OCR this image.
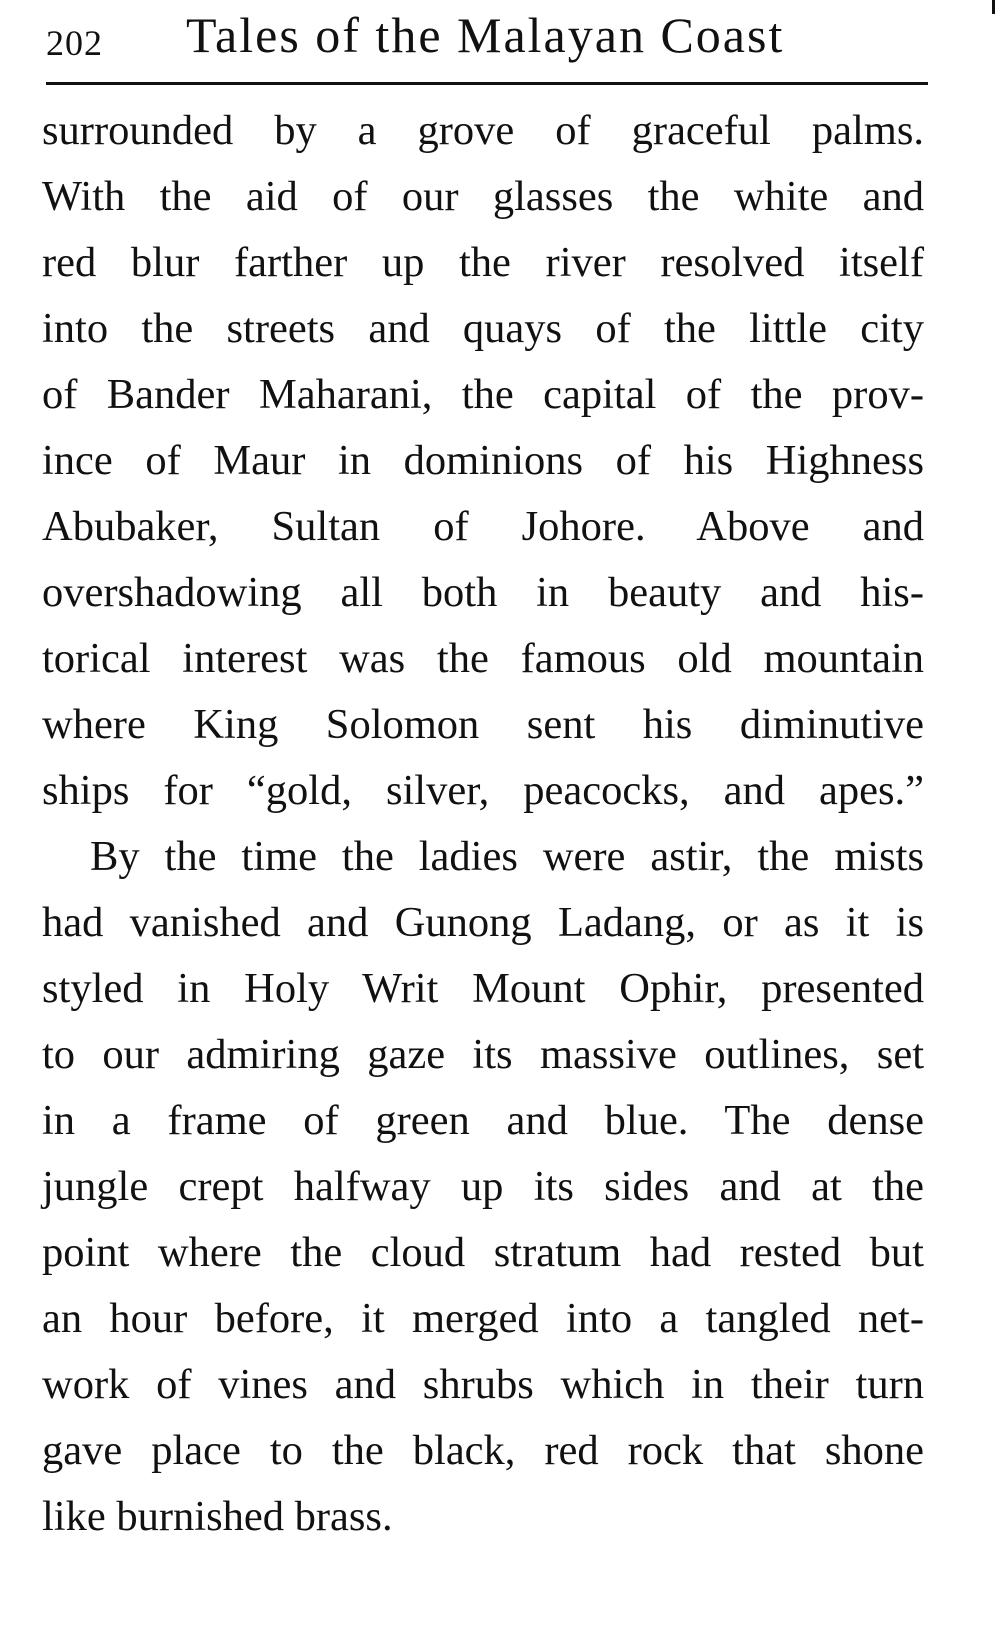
202 Tales of the Malayan Coast
surrounded by a grove of graceful palms.
With the aid of our glasses the white and
red blur farther up the river resolved itself
into the streets and quays of the little city
of Bander Maharani, the capital of the prov-
ince of Maur in dominions of his Highness
Abubaker, Sultan of Johore. Above and
overshadowing all both in beauty and his-
torical interest was the famous old mountain
where King Solomon sent his diminutive
ships for “gold, silver, peacocks, and apes.”
By the time the ladies were astir, the mists
had vanished and Gunong Ladang, or as it is
styled in Holy Writ Mount Ophir, presented
to our admiring gaze its massive outlines, set
in a frame of green and blue. The dense
jungle crept halfway up its sides and at the
point where the cloud stratum had rested but
an hour before, it merged into a tangled net-
work of vines and shrubs which in their turn
gave place to the black, red rock that shone
like burnished brass.
